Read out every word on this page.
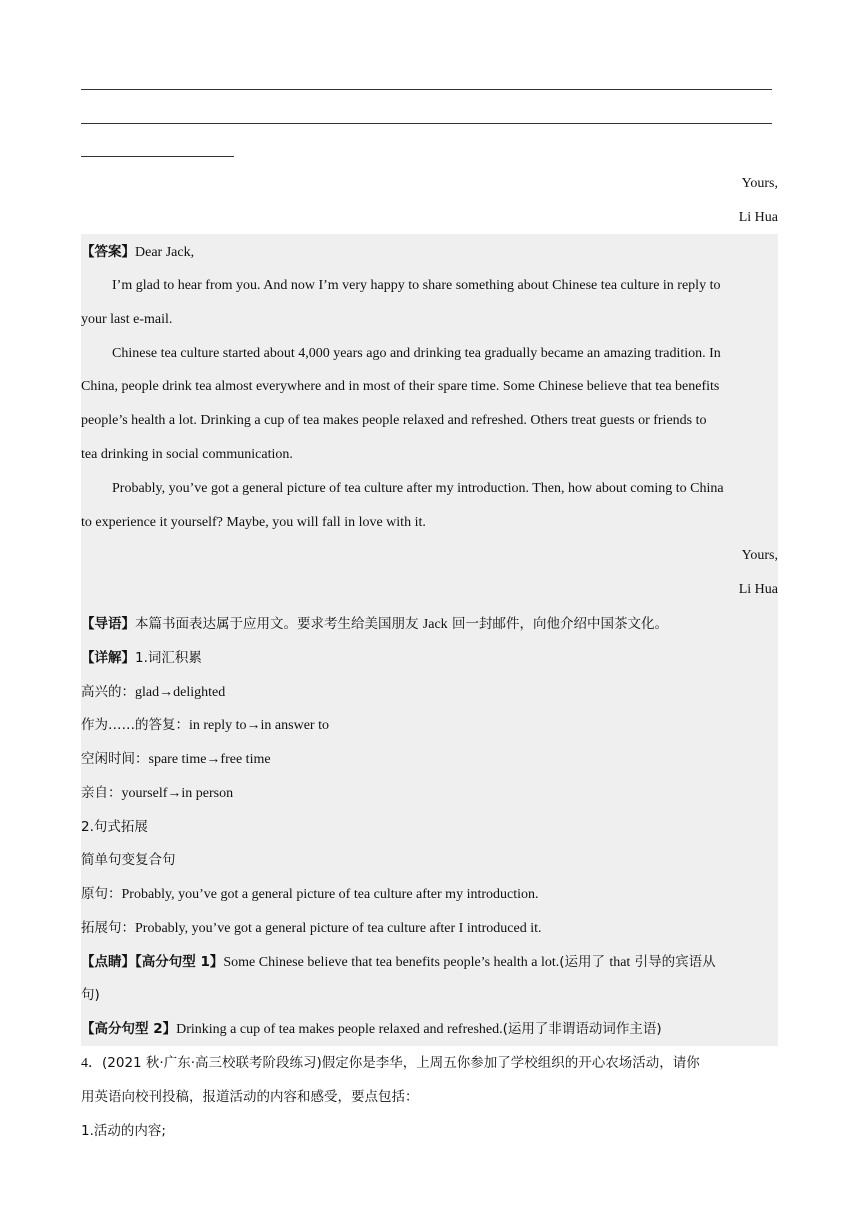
Yours,
Li Hua
【答案】Dear Jack,
I’m glad to hear from you. And now I’m very happy to share something about Chinese tea culture in reply to
your last e-mail.
Chinese tea culture started about 4,000 years ago and drinking tea gradually became an amazing tradition. In
China, people drink tea almost everywhere and in most of their spare time. Some Chinese believe that tea benefits
people’s health a lot. Drinking a cup of tea makes people relaxed and refreshed. Others treat guests or friends to
tea drinking in social communication.
Probably, you’ve got a general picture of tea culture after my introduction. Then, how about coming to China
to experience it yourself? Maybe, you will fall in love with it.
Yours,
Li Hua
【导语】本篇书面表达属于应用文。要求考生给美国朋友 Jack 回一封邮件，向他介绍中国茶文化。
【详解】1.词汇积累
高兴的：glad→delighted
作为……的答复：in reply to→in answer to
空闲时间：spare time→free time
亲自：yourself→in person
2.句式拓展
简单句变复合句
原句：Probably, you’ve got a general picture of tea culture after my introduction.
拓展句：Probably, you’ve got a general picture of tea culture after I introduced it.
【点睛】【高分句型 1】Some Chinese believe that tea benefits people’s health a lot.(运用了 that 引导的宾语从
句)
【高分句型 2】Drinking a cup of tea makes people relaxed and refreshed.(运用了非谓语动词作主语)
4．(2021 秋·广东·高三校联考阶段练习)假定你是李华，上周五你参加了学校组织的开心农场活动，请你
用英语向校刊投稿，报道活动的内容和感受，要点包括：
1.活动的内容;
